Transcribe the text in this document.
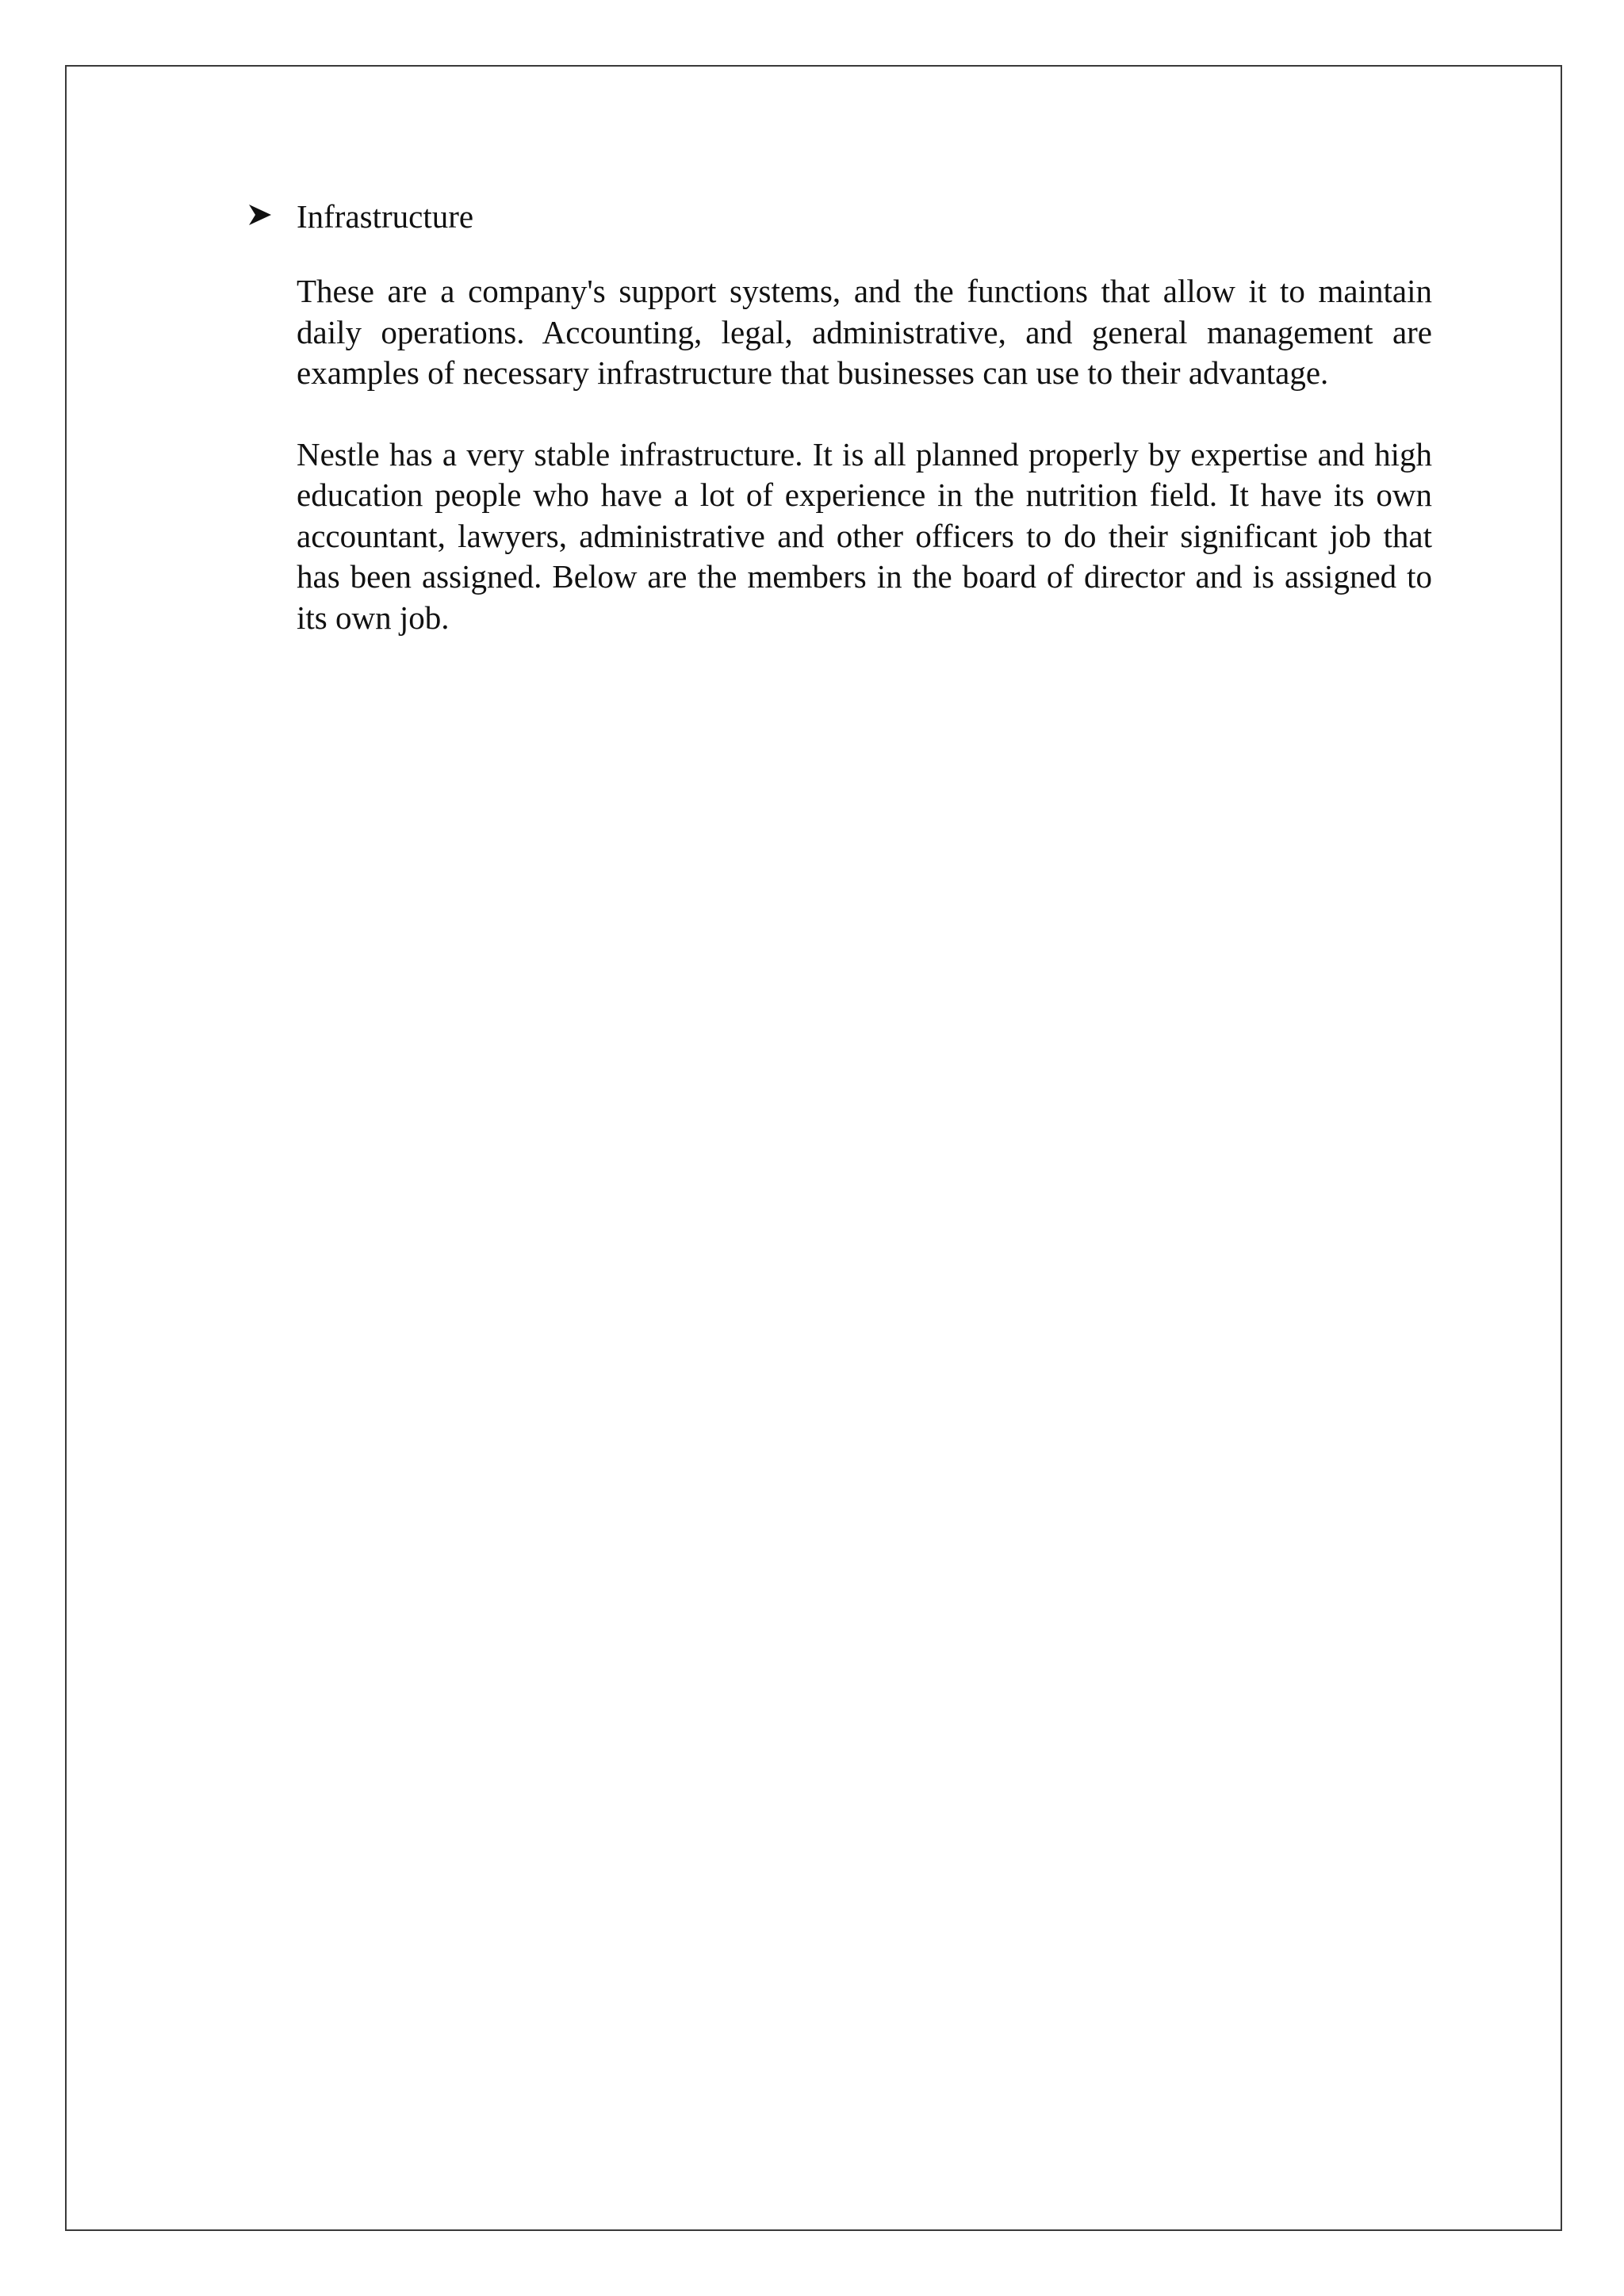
Infrastructure

These are a company's support systems, and the functions that allow it to maintain daily operations. Accounting, legal, administrative, and general management are examples of necessary infrastructure that businesses can use to their advantage.

Nestle has a very stable infrastructure. It is all planned properly by expertise and high education people who have a lot of experience in the nutrition field. It have its own accountant, lawyers, administrative and other officers to do their significant job that has been assigned. Below are the members in the board of director and is assigned to its own job.
